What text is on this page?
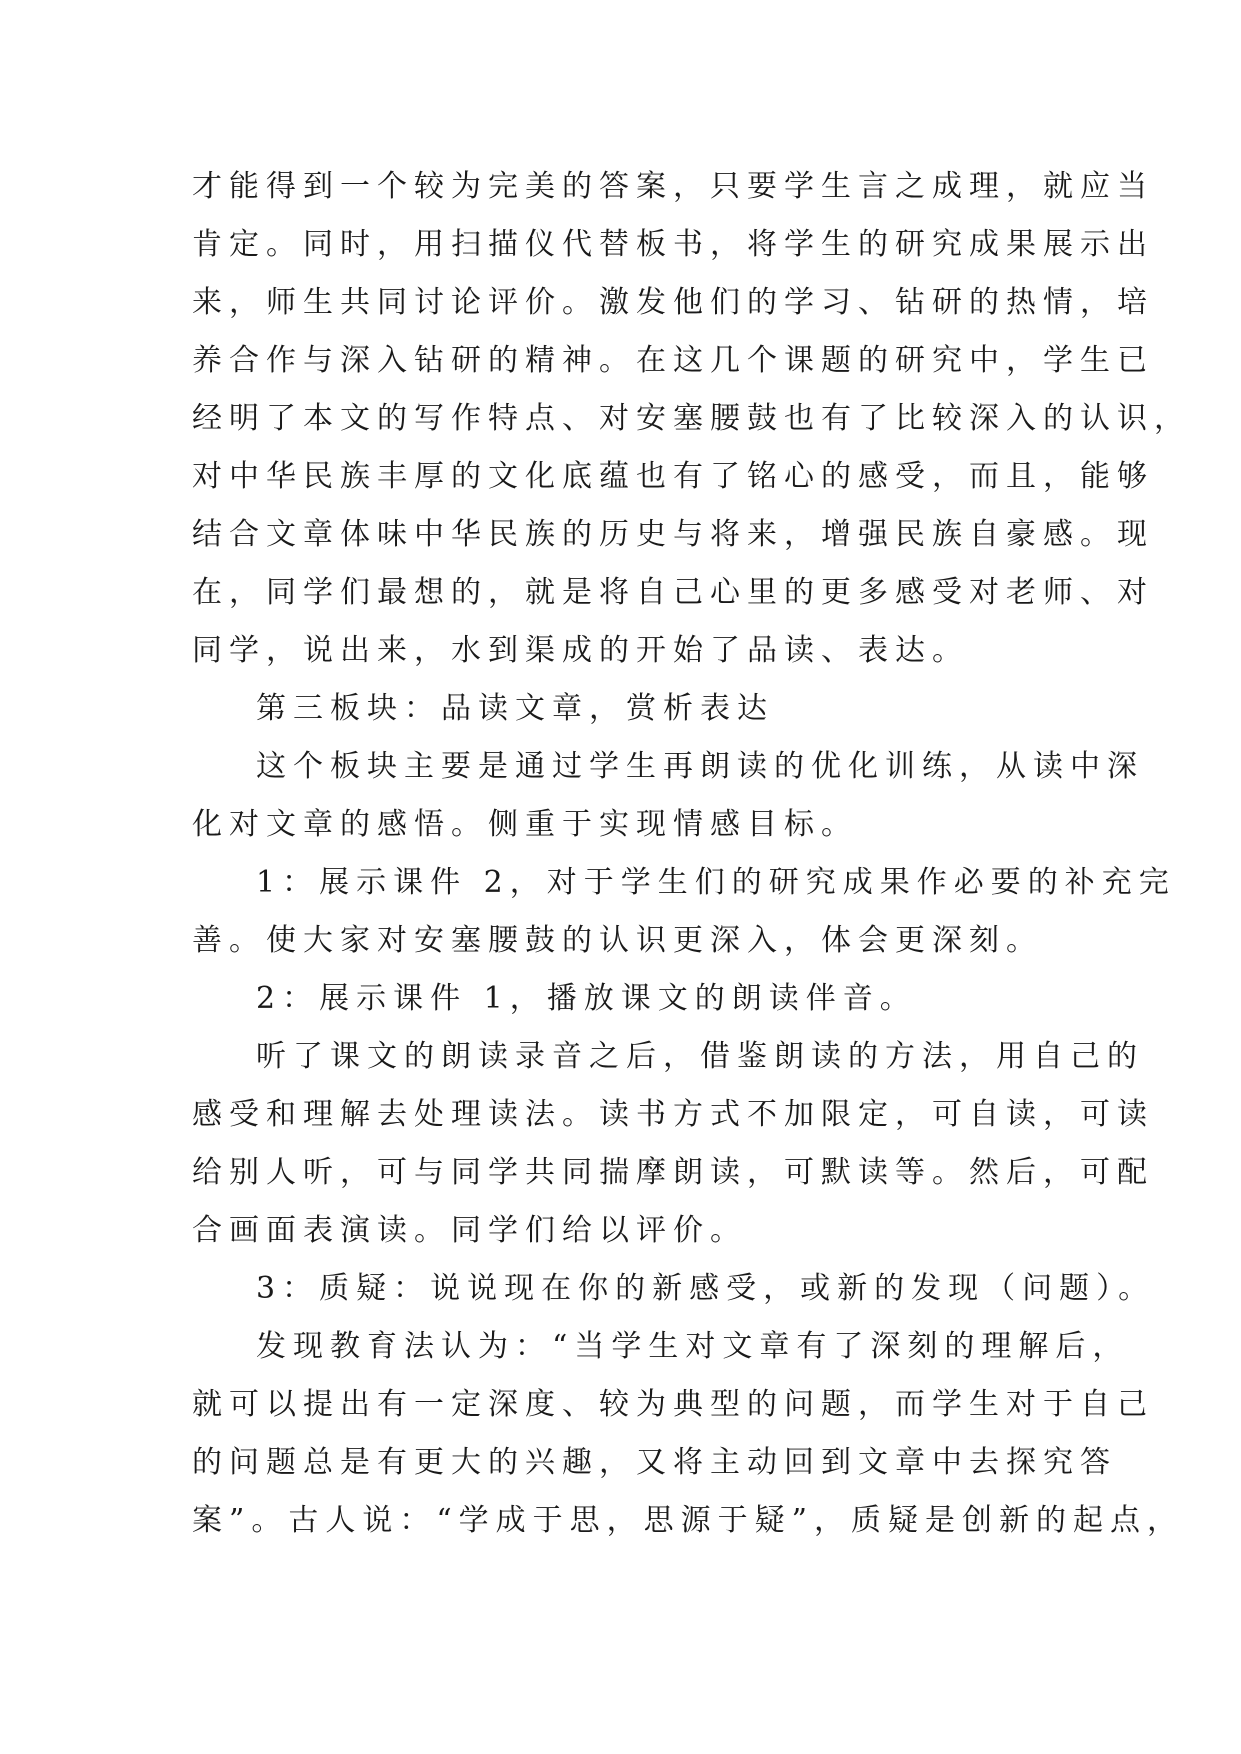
才能得到一个较为完美的答案，只要学生言之成理，就应当
肯定。同时，用扫描仪代替板书，将学生的研究成果展示出
来，师生共同讨论评价。激发他们的学习、钻研的热情，培
养合作与深入钻研的精神。在这几个课题的研究中，学生已
经明了本文的写作特点、对安塞腰鼓也有了比较深入的认识，
对中华民族丰厚的文化底蕴也有了铭心的感受，而且，能够
结合文章体味中华民族的历史与将来，增强民族自豪感。现
在，同学们最想的，就是将自己心里的更多感受对老师、对
同学，说出来，水到渠成的开始了品读、表达。
第三板块：品读文章，赏析表达
这个板块主要是通过学生再朗读的优化训练，从读中深
化对文章的感悟。侧重于实现情感目标。
1：展示课件 2，对于学生们的研究成果作必要的补充完
善。使大家对安塞腰鼓的认识更深入，体会更深刻。
2：展示课件 1，播放课文的朗读伴音。
听了课文的朗读录音之后，借鉴朗读的方法，用自己的
感受和理解去处理读法。读书方式不加限定，可自读，可读
给别人听，可与同学共同揣摩朗读，可默读等。然后，可配
合画面表演读。同学们给以评价。
3：质疑：说说现在你的新感受，或新的发现（问题）。
发现教育法认为：“当学生对文章有了深刻的理解后，
就可以提出有一定深度、较为典型的问题，而学生对于自己
的问题总是有更大的兴趣，又将主动回到文章中去探究答
案”。古人说：“学成于思，思源于疑”，质疑是创新的起点，
